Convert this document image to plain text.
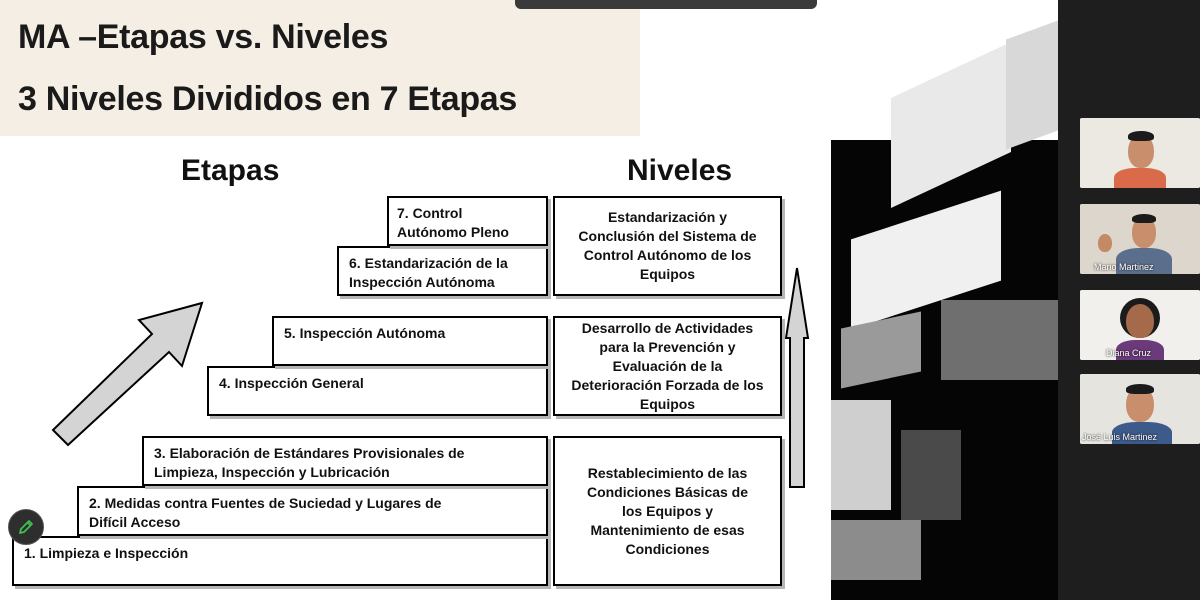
MA –Etapas vs. Niveles
3 Niveles Divididos en 7 Etapas
Etapas	Niveles
1. Limpieza e Inspección
2. Medidas contra Fuentes de Suciedad y Lugares de
Difícil Acceso
3. Elaboración de Estándares Provisionales de
Limpieza, Inspección y Lubricación
4. Inspección General
5. Inspección Autónoma
6. Estandarización de la
Inspección Autónoma
7. Control
Autónomo Pleno
Restablecimiento de las
Condiciones Básicas de
los Equipos y
Mantenimiento de esas
Condiciones
Desarrollo de Actividades
para la Prevención y
Evaluación de la
Deterioración Forzada de los
Equipos
Estandarización y
Conclusión del Sistema de
Control Autónomo de los
Equipos	Mario Martinez
Diana Cruz
José Luis Martinez
